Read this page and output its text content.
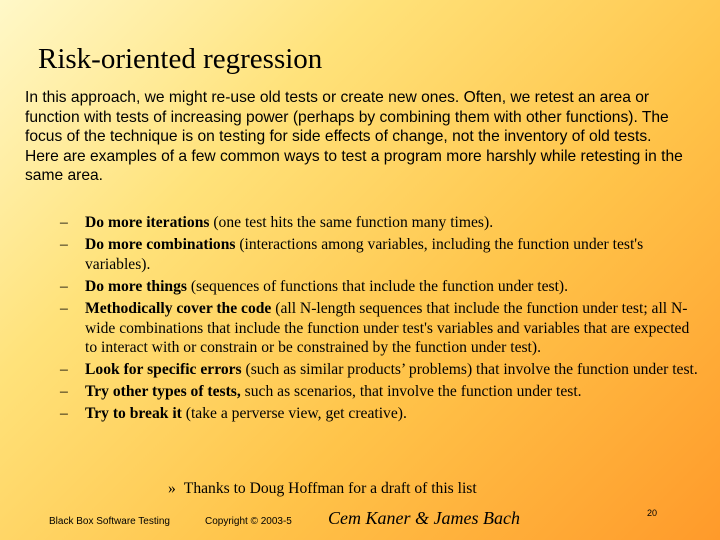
Risk-oriented regression

In this approach, we might re-use old tests or create new ones. Often, we retest an area or function with tests of increasing power (perhaps by combining them with other functions). The focus of the technique is on testing for side effects of change, not the inventory of old tests.

Here are examples of a few common ways to test a program more harshly while retesting in the same area.

– Do more iterations (one test hits the same function many times).
– Do more combinations (interactions among variables, including the function under test's variables).
– Do more things (sequences of functions that include the function under test).
– Methodically cover the code (all N-length sequences that include the function under test; all N-wide combinations that include the function under test's variables and variables that are expected to interact with or constrain or be constrained by the function under test).
– Look for specific errors (such as similar products’ problems) that involve the function under test.
– Try other types of tests, such as scenarios, that involve the function under test.
– Try to break it (take a perverse view, get creative).
» Thanks to Doug Hoffman for a draft of this list
Black Box Software Testing	Copyright © 2003-5 Cem Kaner & James Bach	20
